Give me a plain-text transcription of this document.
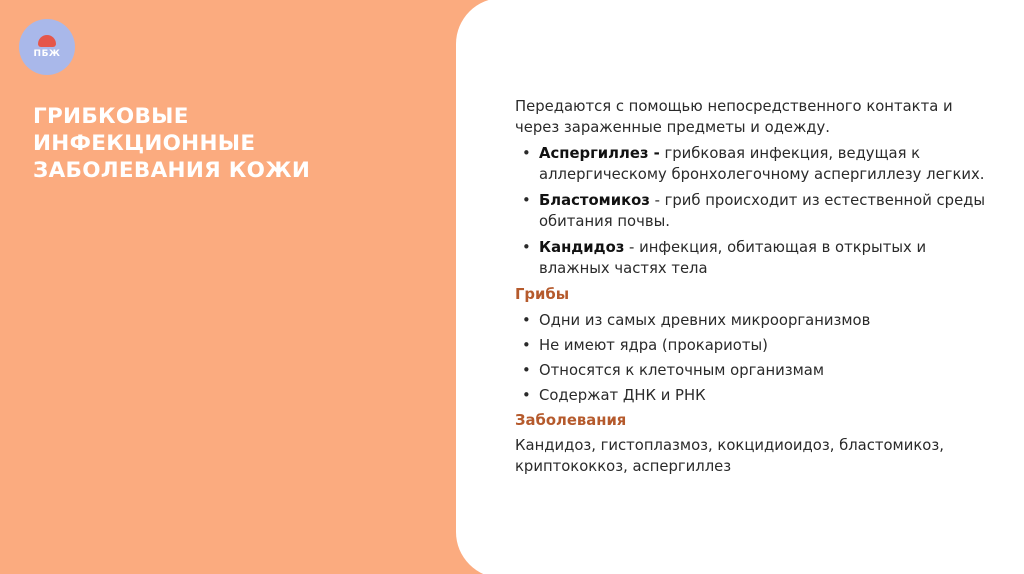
ПБЖ
ГРИБКОВЫЕ
ИНФЕКЦИОННЫЕ
ЗАБОЛЕВАНИЯ КОЖИ

Передаются с помощью непосредственного контакта и через зараженные предметы и одежду.

• Аспергиллез - грибковая инфекция, ведущая к аллергическому бронхолегочному аспергиллезу легких.
• Бластомикоз - гриб происходит из естественной среды обитания почвы.
• Кандидоз - инфекция, обитающая в открытых и влажных частях тела
Грибы
• Одни из самых древних микроорганизмов
• Не имеют ядра (прокариоты)
• Относятся к клеточным организмам
• Содержат ДНК и РНК
Заболевания

Кандидоз, гистоплазмоз, кокцидиоидоз, бластомикоз, криптококкоз, аспергиллез
